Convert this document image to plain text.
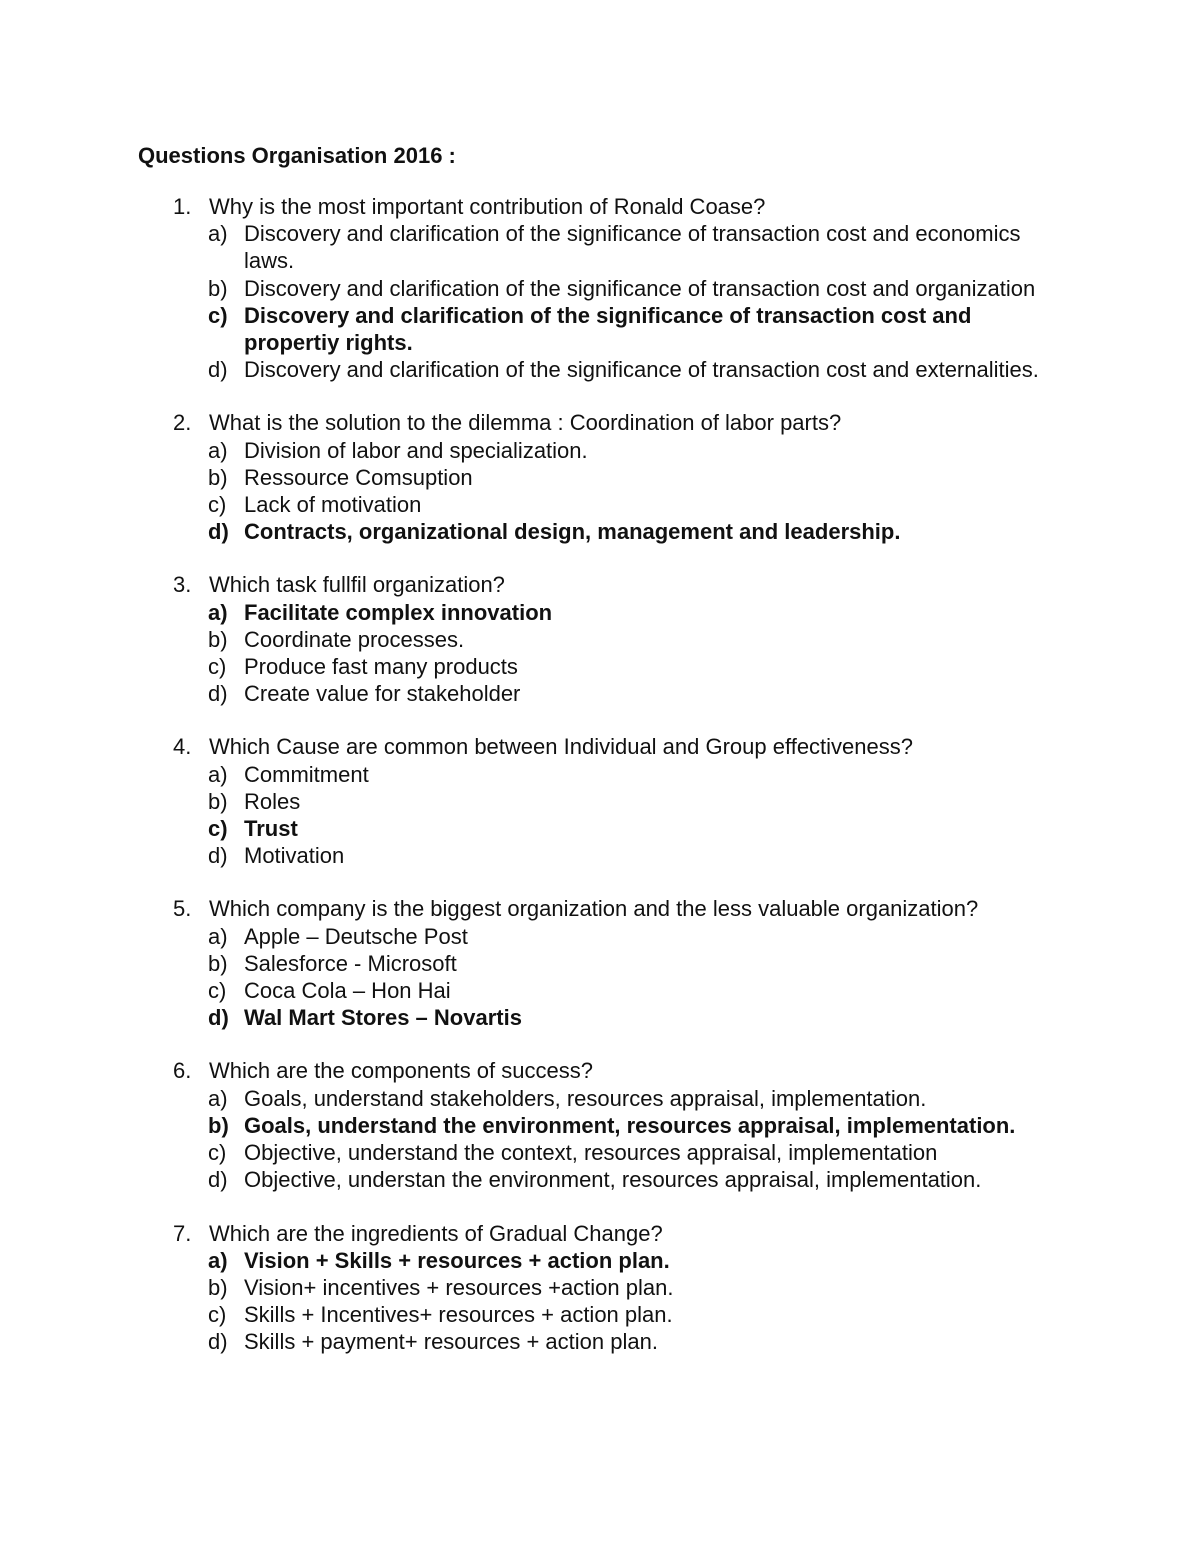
Questions Organisation 2016 :
1. Why is the most important contribution of Ronald Coase?
a) Discovery and clarification of the significance of transaction cost and economics laws.
b) Discovery and clarification of the significance of transaction cost and organization
c) Discovery and clarification of the significance of transaction cost and propertiy rights.
d) Discovery and clarification of the significance of transaction cost and externalities.
2. What is the solution to the dilemma : Coordination of labor parts?
a) Division of labor and specialization.
b) Ressource Comsuption
c) Lack of motivation
d) Contracts, organizational design, management and leadership.
3. Which task fullfil organization?
a) Facilitate complex innovation
b) Coordinate processes.
c) Produce fast many products
d) Create value for stakeholder
4. Which Cause are common between Individual and Group effectiveness?
a) Commitment
b) Roles
c) Trust
d) Motivation
5. Which company is the biggest organization and the less valuable organization?
a) Apple – Deutsche Post
b) Salesforce - Microsoft
c) Coca Cola – Hon Hai
d) Wal Mart Stores – Novartis
6. Which are the components of success?
a) Goals, understand stakeholders, resources appraisal, implementation.
b) Goals, understand the environment, resources appraisal, implementation.
c) Objective, understand the context, resources appraisal, implementation
d) Objective, understan the environment, resources appraisal, implementation.
7. Which are the ingredients of Gradual Change?
a) Vision + Skills + resources + action plan.
b) Vision+ incentives + resources +action plan.
c) Skills + Incentives+ resources + action plan.
d) Skills + payment+ resources + action plan.
